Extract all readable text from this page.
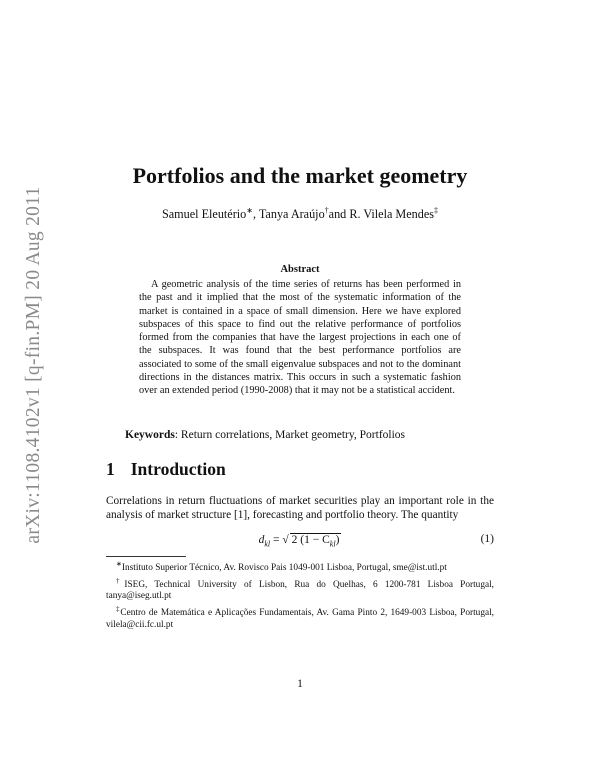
arXiv:1108.4102v1 [q-fin.PM] 20 Aug 2011
Portfolios and the market geometry
Samuel Eleutério∗, Tanya Araújo†and R. Vilela Mendes‡
Abstract

A geometric analysis of the time series of returns has been performed in the past and it implied that the most of the systematic information of the market is contained in a space of small dimension. Here we have explored subspaces of this space to find out the relative performance of portfolios formed from the companies that have the largest projections in each one of the subspaces. It was found that the best performance portfolios are associated to some of the small eigenvalue subspaces and not to the dominant directions in the distances matrix. This occurs in such a systematic fashion over an extended period (1990-2008) that it may not be a statistical accident.

Keywords: Return correlations, Market geometry, Portfolios
1 Introduction

Correlations in return fluctuations of market securities play an important role in the analysis of market structure [1], forecasting and portfolio theory. The quantity

$d_{kl}$ = √ 2 $(1 - C_{kl})$	(1)

∗Instituto Superior Técnico, Av. Rovisco Pais 1049-001 Lisboa, Portugal, sme@ist.utl.pt

†ISEG, Technical University of Lisbon, Rua do Quelhas, 6 1200-781 Lisboa Portugal, tanya@iseg.utl.pt

‡Centro de Matemática e Aplicações Fundamentais, Av. Gama Pinto 2, 1649-003 Lisboa, Portugal, vilela@cii.fc.ul.pt

1
